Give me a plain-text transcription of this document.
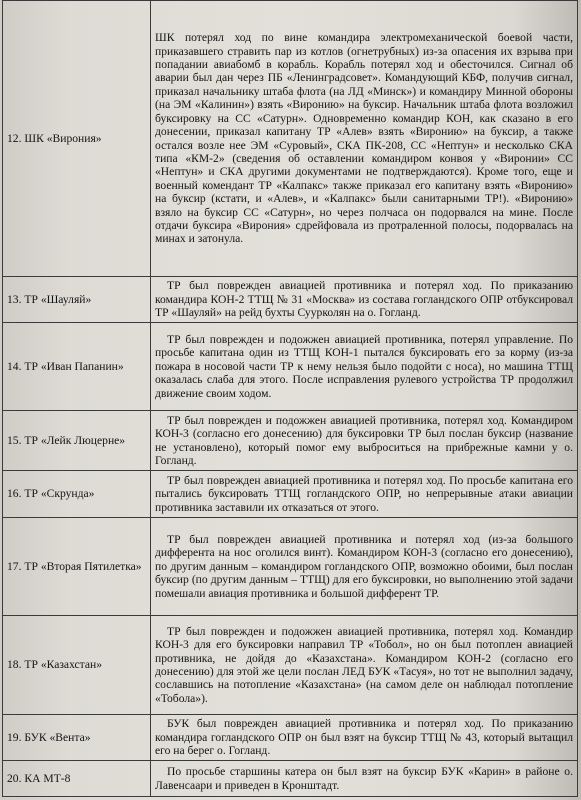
12. ШК «Вирония»	ШК потерял ход по вине командира электромеханической боевой части, приказавшего стравить пар из котлов (огнетрубных) из-за опасения их взрыва при попадании авиабомб в корабль. Корабль потерял ход и обесточился. Сигнал об аварии был дан через ПБ «Ленинградсовет». Командующий КБФ, получив сигнал, приказал начальнику штаба флота (на ЛД «Минск») и командиру Минной обороны (на ЭМ «Калинин») взять «Виронию» на буксир. Начальник штаба флота возложил буксировку на СС «Сатурн». Одновременно командир КОН, как сказано в его донесении, приказал капитану ТР «Алев» взять «Виронию» на буксир, а также остался возле нее ЭМ «Суровый», СКА ПК-208, СС «Нептун» и несколько СКА типа «КМ-2» (сведения об оставлении командиром конвоя у «Виронии» СС «Нептун» и СКА другими документами не подтверждаются). Кроме того, еще и военный комендант ТР «Калпакс» также приказал его капитану взять «Виронию» на буксир (кстати, и «Алев», и «Калпакс» были санитарными ТР!). «Виронию» взяло на буксир СС «Сатурн», но через полчаса он подорвался на мине. После отдачи буксира «Вирония» сдрейфовала из протраленной полосы, подорвалась на минах и затонула.
13. ТР «Шауляй»	ТР был поврежден авиацией противника и потерял ход. По приказанию командира КОН-2 ТТЩ № 31 «Москва» из состава гогландского ОПР отбуксировал ТР «Шауляй» на рейд бухты Суурколян на о. Гогланд.
14. ТР «Иван Папанин»	ТР был поврежден и подожжен авиацией противника, потерял управление. По просьбе капитана один из ТТЩ КОН-1 пытался буксировать его за корму (из-за пожара в носовой части ТР к нему нельзя было подойти с носа), но машина ТТЩ оказалась слаба для этого. После исправления рулевого устройства ТР продолжил движение своим ходом.
15. ТР «Лейк Люцерне»	ТР был поврежден и подожжен авиацией противника, потерял ход. Командиром КОН-3 (согласно его донесению) для буксировки ТР был послан буксир (название не установлено), который помог ему выброситься на прибрежные камни у о. Гогланд.
16. ТР «Скрунда»	ТР был поврежден авиацией противника и потерял ход. По просьбе капитана его пытались буксировать ТТЩ гогландского ОПР, но непрерывные атаки авиации противника заставили их отказаться от этого.
17. ТР «Вторая Пятилетка»	ТР был поврежден авиацией противника и потерял ход (из-за большого дифферента на нос оголился винт). Командиром КОН-3 (согласно его донесению), по другим данным – командиром гогландского ОПР, возможно обоими, был послан буксир (по другим данным – ТТЩ) для его буксировки, но выполнению этой задачи помешали авиация противника и большой дифферент ТР.
18. ТР «Казахстан»	ТР был поврежден и подожжен авиацией противника, потерял ход. Командир КОН-3 для его буксировки направил ТР «Тобол», но он был потоплен авиацией противника, не дойдя до «Казахстана». Командиром КОН-2 (согласно его донесению) для этой же цели послан ЛЕД БУК «Тасуя», но тот не выполнил задачу, сославшись на потопление «Казахстана» (на самом деле он наблюдал потопление «Тобола»).
19. БУК «Вента»	БУК был поврежден авиацией противника и потерял ход. По приказанию командира гогландского ОПР он был взят на буксир ТТЩ № 43, который вытащил его на берег о. Гогланд.
20. КА МТ-8	По просьбе старшины катера он был взят на буксир БУК «Карин» в районе о. Лавенсаари и приведен в Кронштадт.
